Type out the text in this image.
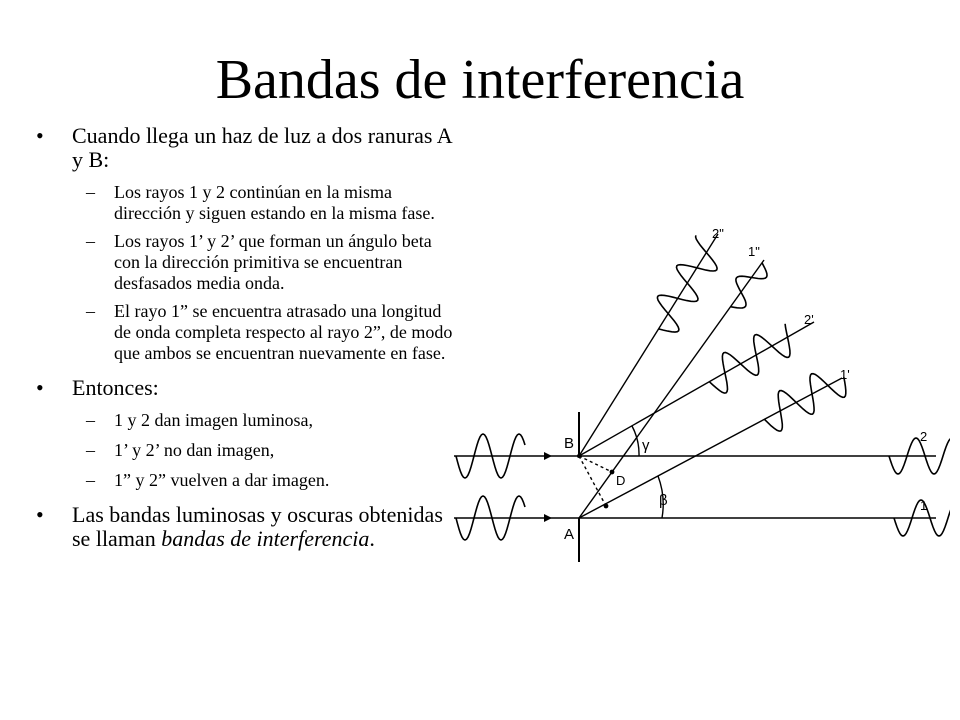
Bandas de interferencia
•	Cuando llega un haz de luz a dos ranuras A y B:
– Los rayos 1 y 2 continúan en la misma dirección y siguen estando en la misma fase.
– Los rayos 1’ y 2’ que forman un ángulo beta con la dirección primitiva se encuentran desfasados media onda.
– El rayo 1” se encuentra atrasado una longitud de onda completa respecto al rayo 2”, de modo que ambos se encuentran nuevamente en fase.
•	Entonces:
– 1 y 2 dan imagen luminosa,
– 1’ y 2’ no dan imagen,
– 1” y 2” vuelven a dar imagen.
•	Las bandas luminosas y oscuras obtenidas se llaman bandas de interferencia.
B
A
D
γ
β
2
1
2'
1'
2"
1"
